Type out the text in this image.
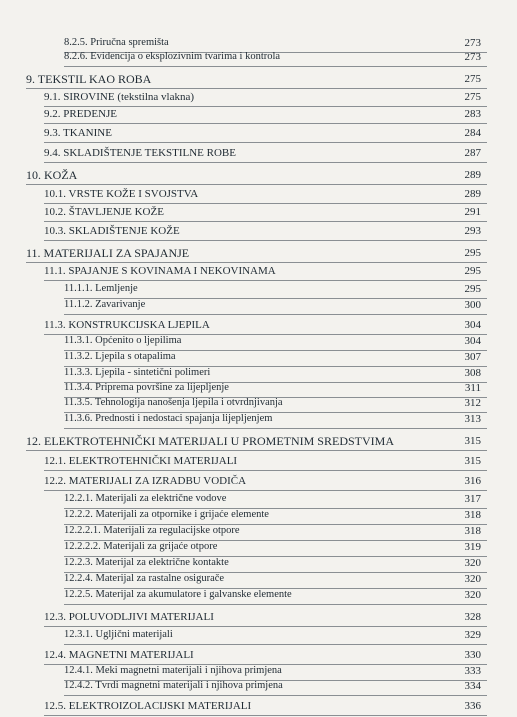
8.2.5. Priručna spremišta	273
8.2.6. Evidencija o eksplozivnim tvarima i kontrola	273
9. TEKSTIL KAO ROBA	275
9.1. SIROVINE (tekstilna vlakna)	275
9.2. PREDENJE	283
9.3. TKANINE	284
9.4. SKLADIŠTENJE TEKSTILNE ROBE	287
10. KOŽA	289
10.1. VRSTE KOŽE I SVOJSTVA	289
10.2. ŠTAVLJENJE KOŽE	291
10.3. SKLADIŠTENJE KOŽE	293
11. MATERIJALI ZA SPAJANJE	295
11.1. SPAJANJE S KOVINAMA I NEKOVINAMA	295
11.1.1. Lemljenje	295
11.1.2. Zavarivanje	300
11.3. KONSTRUKCIJSKA LJEPILA	304
11.3.1. Općenito o ljepilima	304
11.3.2. Ljepila s otapalima	307
11.3.3. Ljepila - sintetični polimeri	308
11.3.4. Priprema površine za lijepljenje	311
11.3.5. Tehnologija nanošenja ljepila i otvrdnjivanja	312
11.3.6. Prednosti i nedostaci spajanja lijepljenjem	313
12. ELEKTROTEHNIČKI MATERIJALI U PROMETNIM SREDSTVIMA	315
12.1. ELEKTROTEHNIČKI MATERIJALI	315
12.2. MATERIJALI ZA IZRADBU VODIČA	316
12.2.1. Materijali za električne vodove	317
12.2.2. Materijali za otpornike i grijaće elemente	318
12.2.2.1. Materijali za regulacijske otpore	318
12.2.2.2. Materijali za grijaće otpore	319
12.2.3. Materijal za električne kontakte	320
12.2.4. Materijal za rastalne osigurače	320
12.2.5. Materijal za akumulatore i galvanske elemente	320
12.3. POLUVODLJIVI MATERIJALI	328
12.3.1. Ugljični materijali	329
12.4. MAGNETNI MATERIJALI	330
12.4.1. Meki magnetni materijali i njihova primjena	333
12.4.2. Tvrdi magnetni materijali i njihova primjena	334
12.5. ELEKTROIZOLACIJSKI MATERIJALI	336
